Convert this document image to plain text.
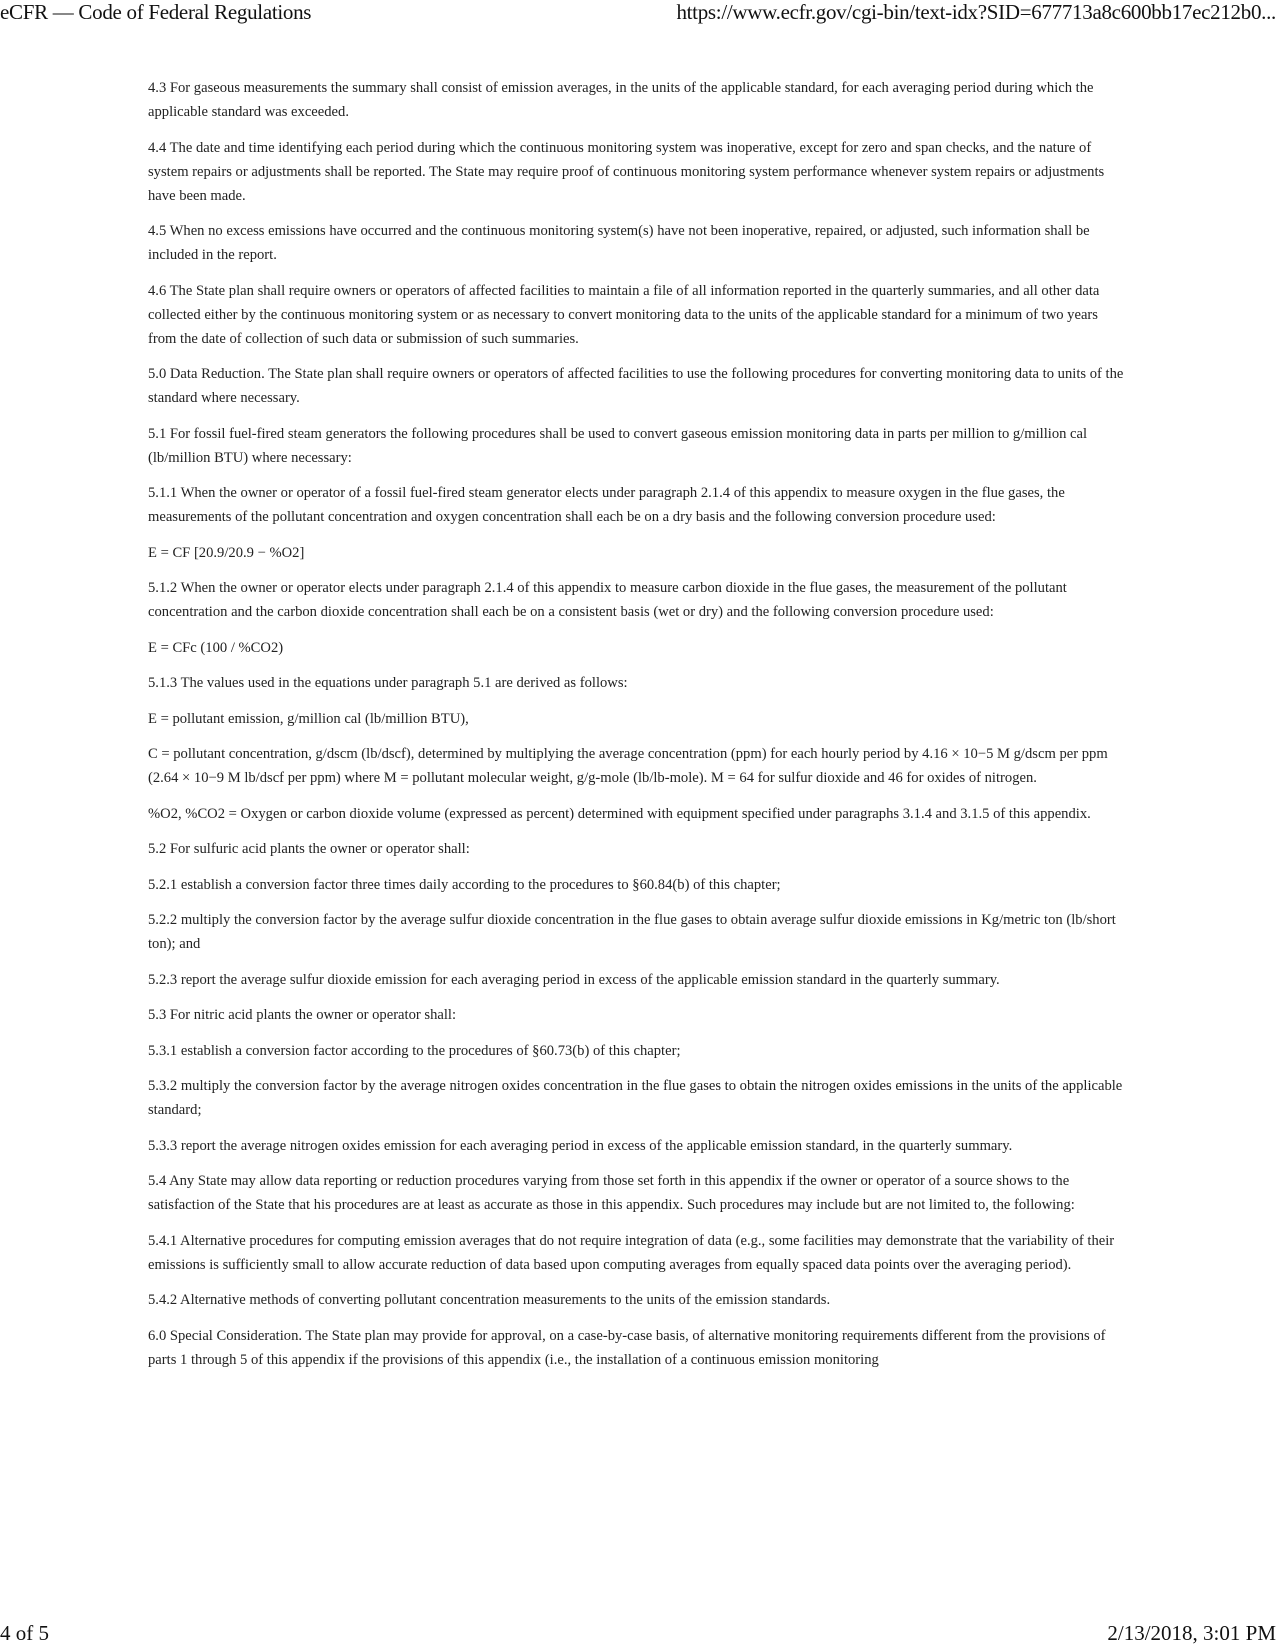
eCFR — Code of Federal Regulations	https://www.ecfr.gov/cgi-bin/text-idx?SID=677713a8c600bb17ec212b0...

4.3 For gaseous measurements the summary shall consist of emission averages, in the units of the applicable standard, for each averaging period during which the applicable standard was exceeded.

4.4 The date and time identifying each period during which the continuous monitoring system was inoperative, except for zero and span checks, and the nature of system repairs or adjustments shall be reported. The State may require proof of continuous monitoring system performance whenever system repairs or adjustments have been made.

4.5 When no excess emissions have occurred and the continuous monitoring system(s) have not been inoperative, repaired, or adjusted, such information shall be included in the report.

4.6 The State plan shall require owners or operators of affected facilities to maintain a file of all information reported in the quarterly summaries, and all other data collected either by the continuous monitoring system or as necessary to convert monitoring data to the units of the applicable standard for a minimum of two years from the date of collection of such data or submission of such summaries.

5.0 Data Reduction. The State plan shall require owners or operators of affected facilities to use the following procedures for converting monitoring data to units of the standard where necessary.

5.1 For fossil fuel-fired steam generators the following procedures shall be used to convert gaseous emission monitoring data in parts per million to g/million cal (lb/million BTU) where necessary:

5.1.1 When the owner or operator of a fossil fuel-fired steam generator elects under paragraph 2.1.4 of this appendix to measure oxygen in the flue gases, the measurements of the pollutant concentration and oxygen concentration shall each be on a dry basis and the following conversion procedure used:

E = CF [20.9/20.9 − %O2]

5.1.2 When the owner or operator elects under paragraph 2.1.4 of this appendix to measure carbon dioxide in the flue gases, the measurement of the pollutant concentration and the carbon dioxide concentration shall each be on a consistent basis (wet or dry) and the following conversion procedure used:

E = CFc (100 / %CO2)

5.1.3 The values used in the equations under paragraph 5.1 are derived as follows:

E = pollutant emission, g/million cal (lb/million BTU),

C = pollutant concentration, g/dscm (lb/dscf), determined by multiplying the average concentration (ppm) for each hourly period by 4.16 × 10−5 M g/dscm per ppm (2.64 × 10−9 M lb/dscf per ppm) where M = pollutant molecular weight, g/g-mole (lb/lb-mole). M = 64 for sulfur dioxide and 46 for oxides of nitrogen.

%O2, %CO2 = Oxygen or carbon dioxide volume (expressed as percent) determined with equipment specified under paragraphs 3.1.4 and 3.1.5 of this appendix.

5.2 For sulfuric acid plants the owner or operator shall:

5.2.1 establish a conversion factor three times daily according to the procedures to §60.84(b) of this chapter;

5.2.2 multiply the conversion factor by the average sulfur dioxide concentration in the flue gases to obtain average sulfur dioxide emissions in Kg/metric ton (lb/short ton); and

5.2.3 report the average sulfur dioxide emission for each averaging period in excess of the applicable emission standard in the quarterly summary.

5.3 For nitric acid plants the owner or operator shall:

5.3.1 establish a conversion factor according to the procedures of §60.73(b) of this chapter;

5.3.2 multiply the conversion factor by the average nitrogen oxides concentration in the flue gases to obtain the nitrogen oxides emissions in the units of the applicable standard;

5.3.3 report the average nitrogen oxides emission for each averaging period in excess of the applicable emission standard, in the quarterly summary.

5.4 Any State may allow data reporting or reduction procedures varying from those set forth in this appendix if the owner or operator of a source shows to the satisfaction of the State that his procedures are at least as accurate as those in this appendix. Such procedures may include but are not limited to, the following:

5.4.1 Alternative procedures for computing emission averages that do not require integration of data (e.g., some facilities may demonstrate that the variability of their emissions is sufficiently small to allow accurate reduction of data based upon computing averages from equally spaced data points over the averaging period).

5.4.2 Alternative methods of converting pollutant concentration measurements to the units of the emission standards.

6.0 Special Consideration. The State plan may provide for approval, on a case-by-case basis, of alternative monitoring requirements different from the provisions of parts 1 through 5 of this appendix if the provisions of this appendix (i.e., the installation of a continuous emission monitoring

4 of 5	2/13/2018, 3:01 PM
